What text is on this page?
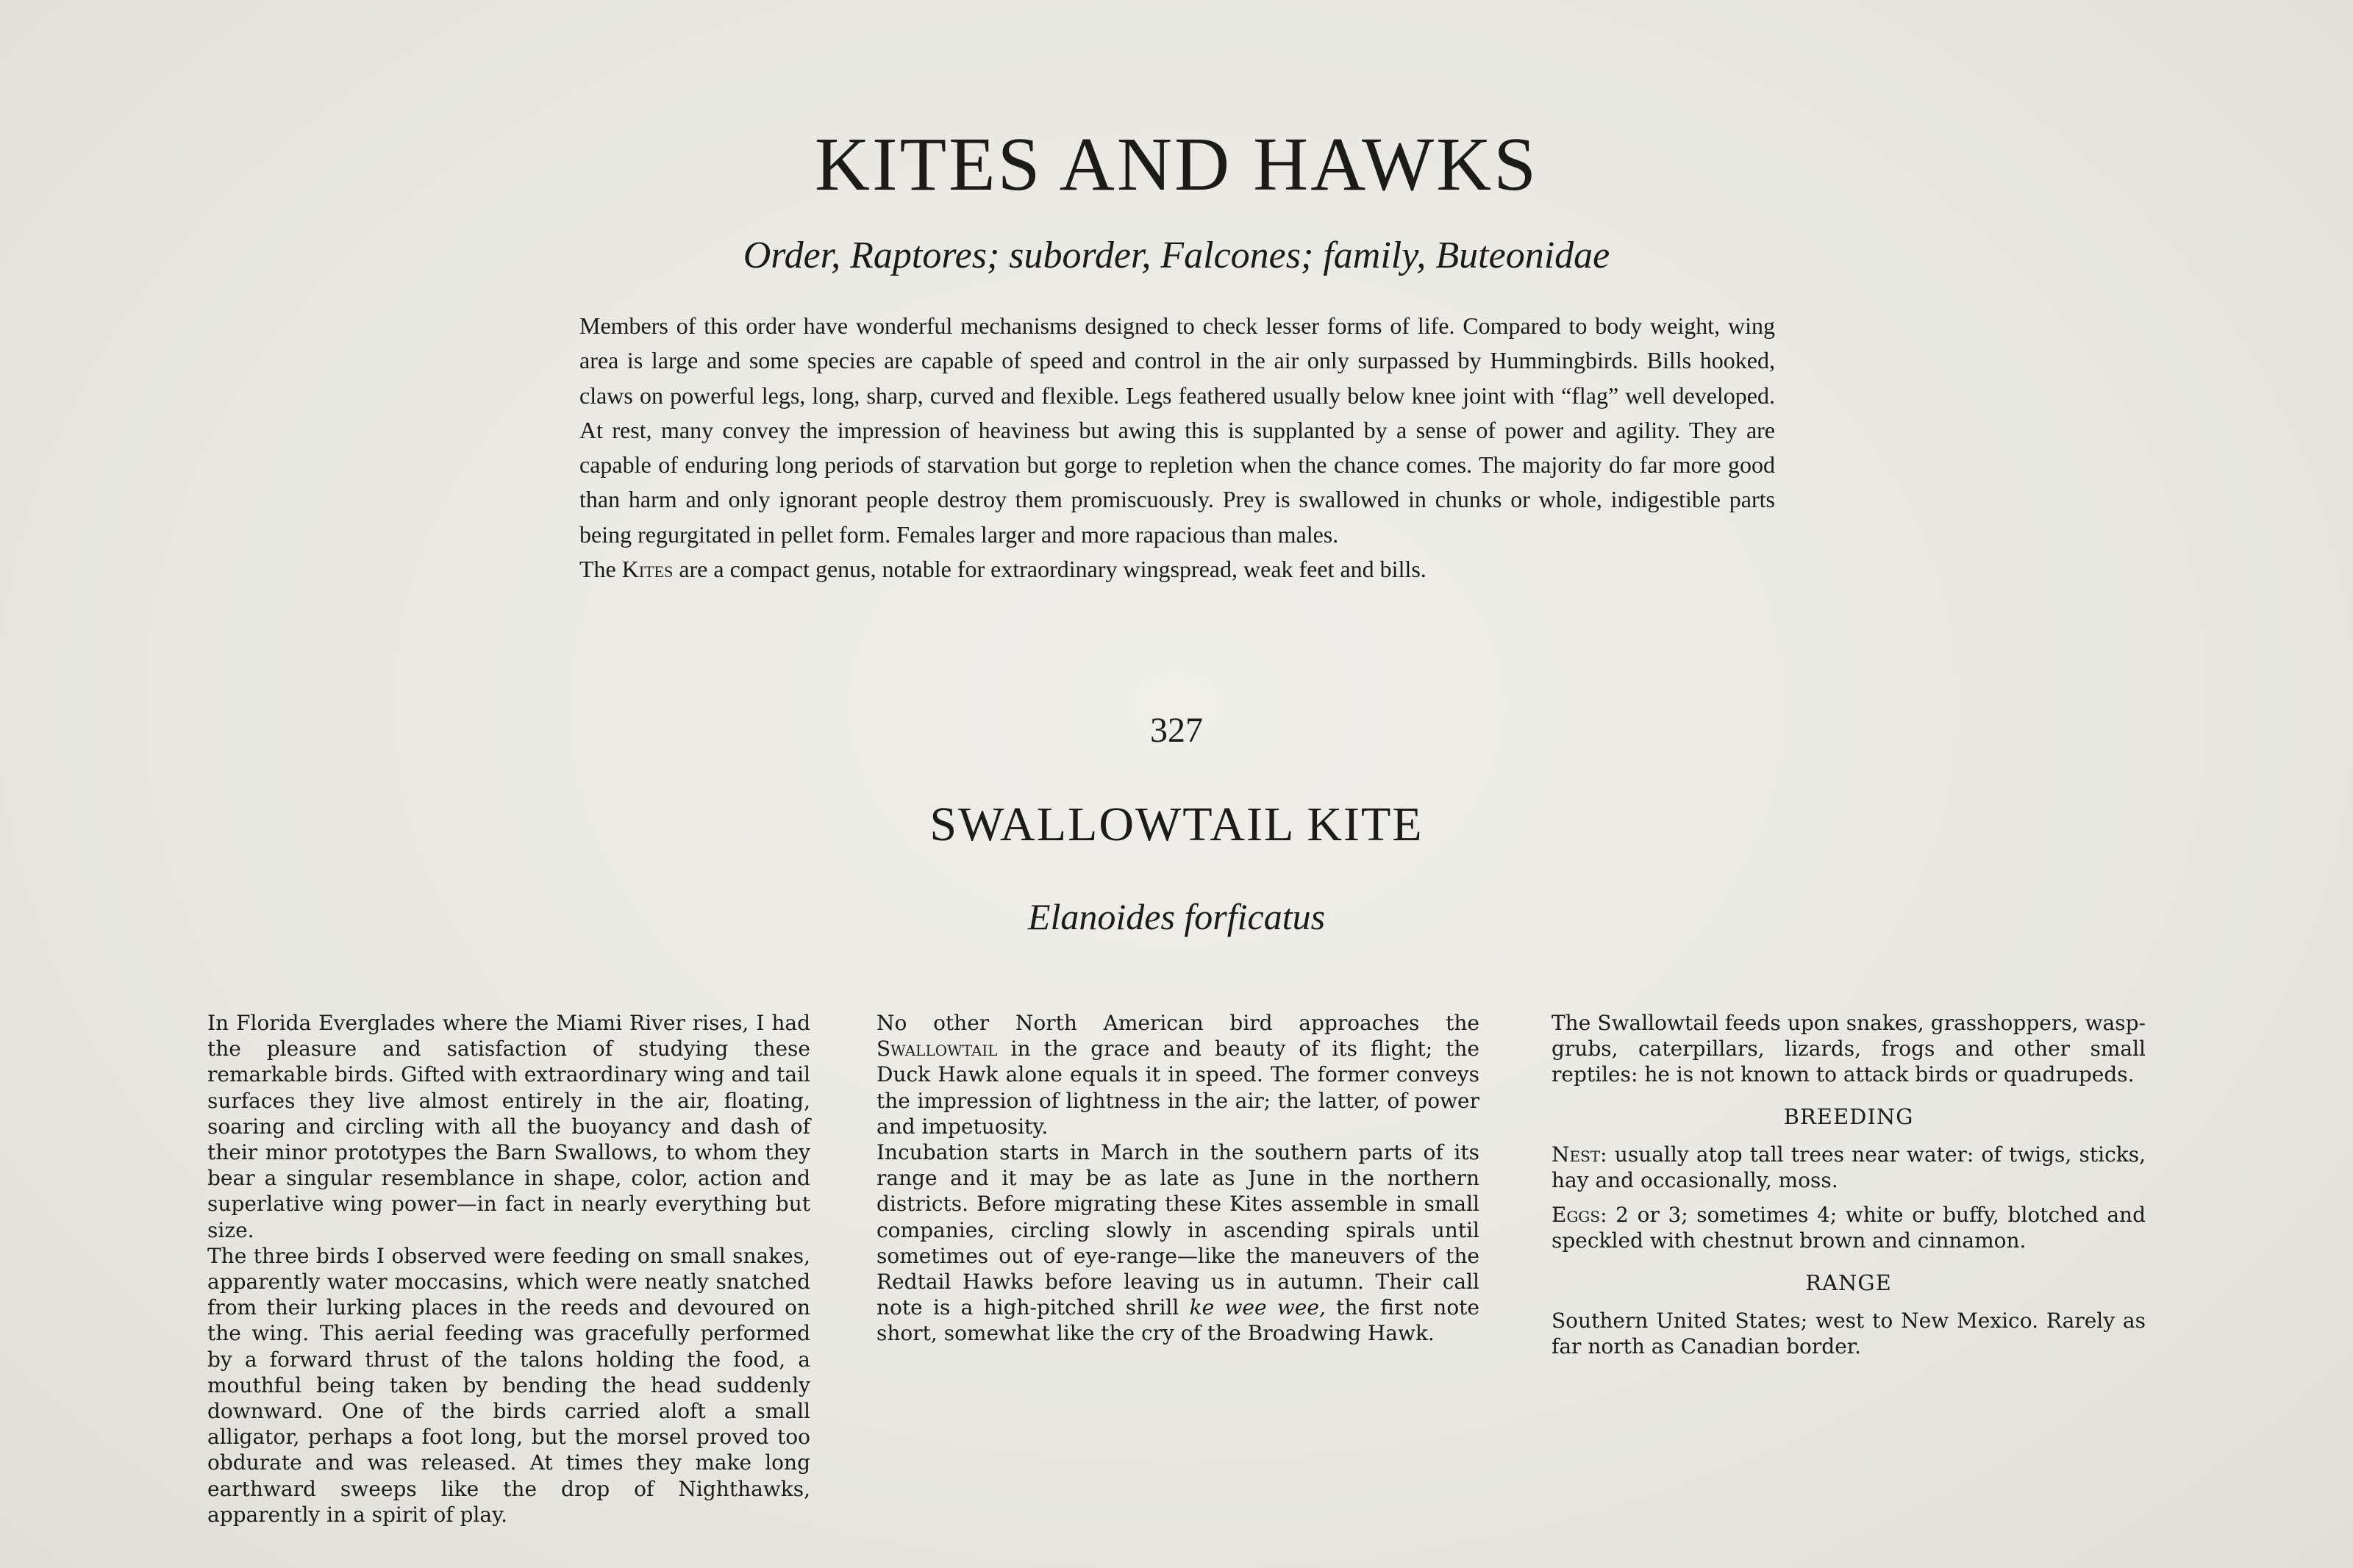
KITES AND HAWKS
Order, Raptores; suborder, Falcones; family, Buteonidae

Members of this order have wonderful mechanisms designed to check lesser forms of life. Compared to body weight, wing area is large and some species are capable of speed and control in the air only surpassed by Hummingbirds. Bills hooked, claws on powerful legs, long, sharp, curved and flexible. Legs feathered usually below knee joint with “flag” well developed. At rest, many convey the impression of heaviness but awing this is supplanted by a sense of power and agility. They are capable of enduring long periods of starvation but gorge to repletion when the chance comes. The majority do far more good than harm and only ignorant people destroy them promiscuously. Prey is swallowed in chunks or whole, indigestible parts being regurgitated in pellet form. Females larger and more rapacious than males.

The Kites are a compact genus, notable for extraordinary wingspread, weak feet and bills.

327
SWALLOWTAIL KITE
Elanoides forficatus

In Florida Everglades where the Miami River rises, I had the pleasure and satisfaction of studying these remarkable birds. Gifted with extraordinary wing and tail surfaces they live almost entirely in the air, floating, soaring and circling with all the buoyancy and dash of their minor prototypes the Barn Swallows, to whom they bear a singular resemblance in shape, color, action and superlative wing power—in fact in nearly everything but size.

The three birds I observed were feeding on small snakes, apparently water moccasins, which were neatly snatched from their lurking places in the reeds and devoured on the wing. This aerial feeding was gracefully performed by a forward thrust of the talons holding the food, a mouthful being taken by bending the head suddenly downward. One of the birds carried aloft a small alligator, perhaps a foot long, but the morsel proved too obdurate and was released. At times they make long earthward sweeps like the drop of Nighthawks, apparently in a spirit of play.

No other North American bird approaches the Swallowtail in the grace and beauty of its flight; the Duck Hawk alone equals it in speed. The former conveys the impression of lightness in the air; the latter, of power and impetuosity.

Incubation starts in March in the southern parts of its range and it may be as late as June in the northern districts. Before migrating these Kites assemble in small companies, circling slowly in ascending spirals until sometimes out of eye-range—like the maneuvers of the Redtail Hawks before leaving us in autumn. Their call note is a high-pitched shrill ke wee wee, the first note short, somewhat like the cry of the Broadwing Hawk.

The Swallowtail feeds upon snakes, grasshoppers, wasp-grubs, caterpillars, lizards, frogs and other small reptiles: he is not known to attack birds or quadrupeds.

BREEDING

Nest: usually atop tall trees near water: of twigs, sticks, hay and occasionally, moss.

Eggs: 2 or 3; sometimes 4; white or buffy, blotched and speckled with chestnut brown and cinnamon.

RANGE

Southern United States; west to New Mexico. Rarely as far north as Canadian border.
